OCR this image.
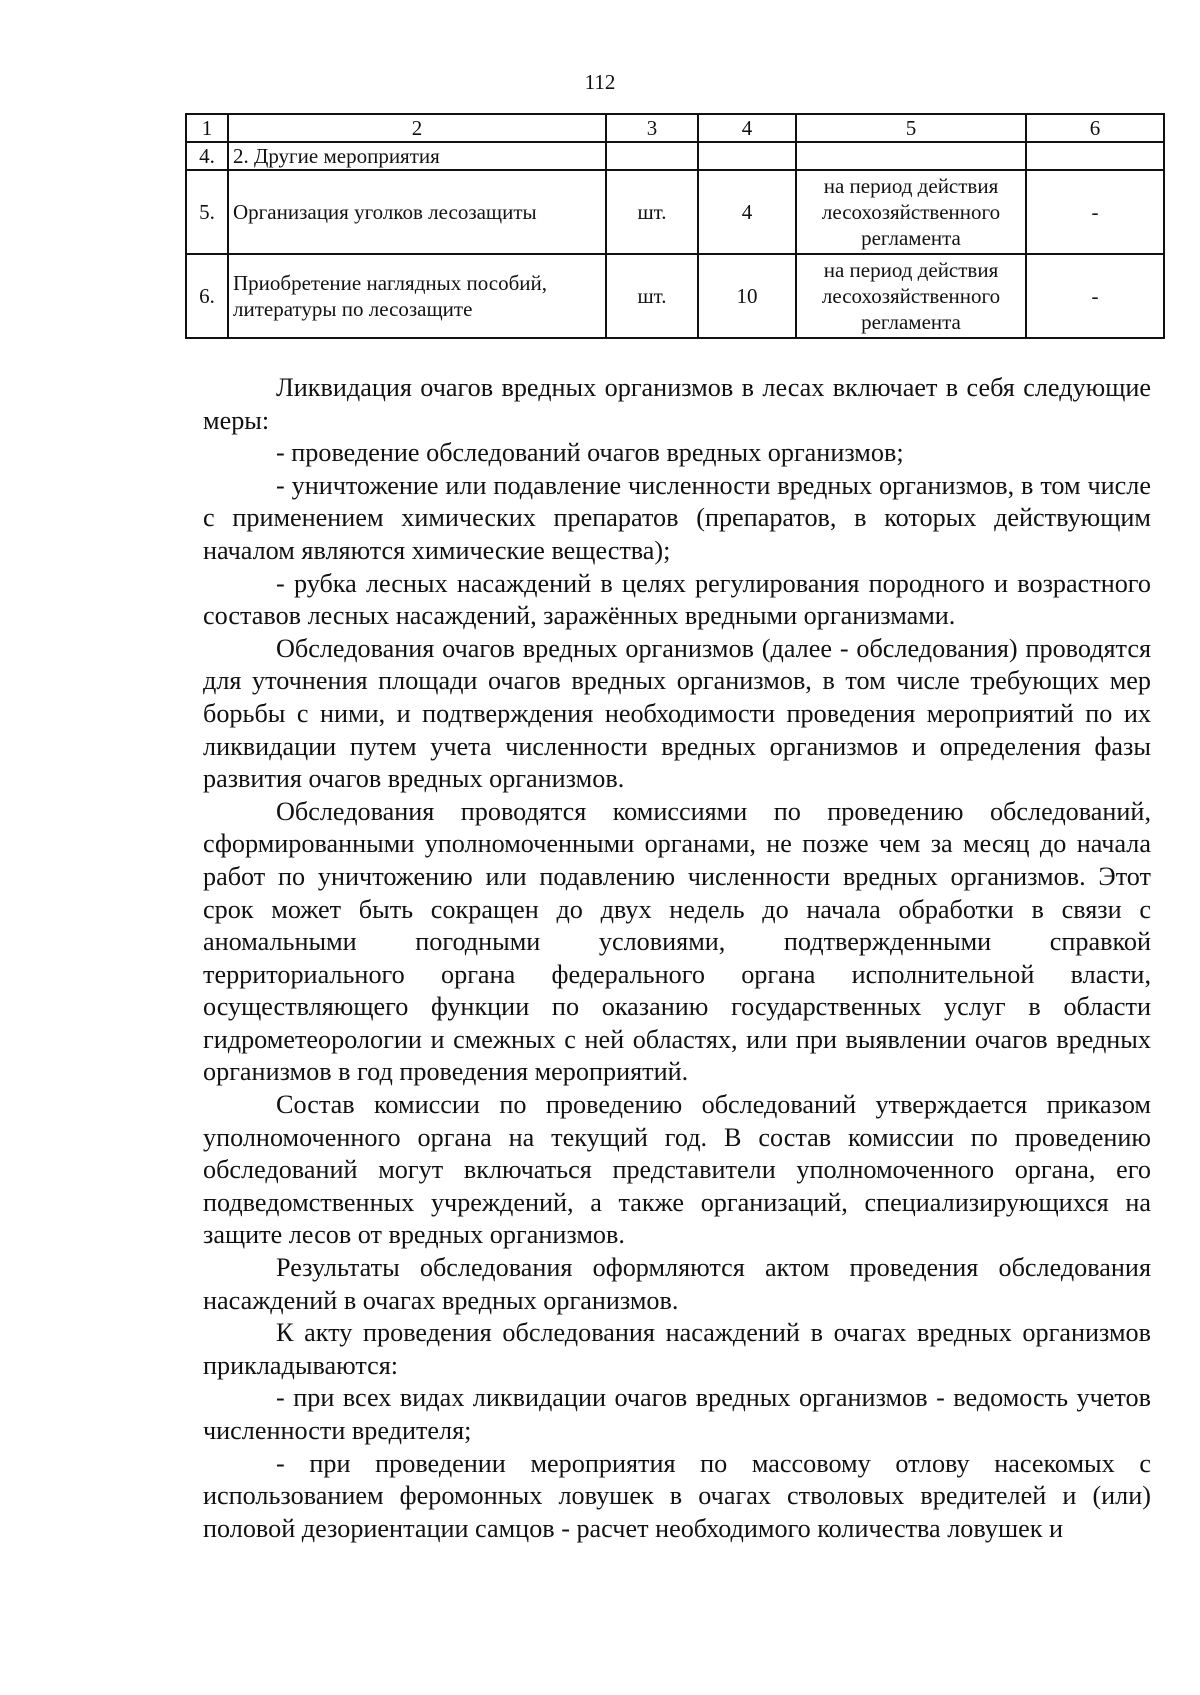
112
1	2	3	4	5	6
4.	2. Другие мероприятия				
5.	Организация уголков лесозащиты	шт.	4	на период действия лесохозяйственного регламента	-
6.	Приобретение наглядных пособий, литературы по лесозащите	шт.	10	на период действия лесохозяйственного регламента	-

Ликвидация очагов вредных организмов в лесах включает в себя следующие меры:

- проведение обследований очагов вредных организмов;

- уничтожение или подавление численности вредных организмов, в том числе с применением химических препаратов (препаратов, в которых действующим началом являются химические вещества);

- рубка лесных насаждений в целях регулирования породного и возрастного составов лесных насаждений, заражённых вредными организмами.

Обследования очагов вредных организмов (далее - обследования) проводятся для уточнения площади очагов вредных организмов, в том числе требующих мер борьбы с ними, и подтверждения необходимости проведения мероприятий по их ликвидации путем учета численности вредных организмов и определения фазы развития очагов вредных организмов.

Обследования проводятся комиссиями по проведению обследований, сформированными уполномоченными органами, не позже чем за месяц до начала работ по уничтожению или подавлению численности вредных организмов. Этот срок может быть сокращен до двух недель до начала обработки в связи с аномальными погодными условиями, подтвержденными справкой территориального органа федерального органа исполнительной власти, осуществляющего функции по оказанию государственных услуг в области гидрометеорологии и смежных с ней областях, или при выявлении очагов вредных организмов в год проведения мероприятий.

Состав комиссии по проведению обследований утверждается приказом уполномоченного органа на текущий год. В состав комиссии по проведению обследований могут включаться представители уполномоченного органа, его подведомственных учреждений, а также организаций, специализирующихся на защите лесов от вредных организмов.

Результаты обследования оформляются актом проведения обследования насаждений в очагах вредных организмов.

К акту проведения обследования насаждений в очагах вредных организмов прикладываются:

- при всех видах ликвидации очагов вредных организмов - ведомость учетов численности вредителя;

- при проведении мероприятия по массовому отлову насекомых с использованием феромонных ловушек в очагах стволовых вредителей и (или) половой дезориентации самцов - расчет необходимого количества ловушек и
